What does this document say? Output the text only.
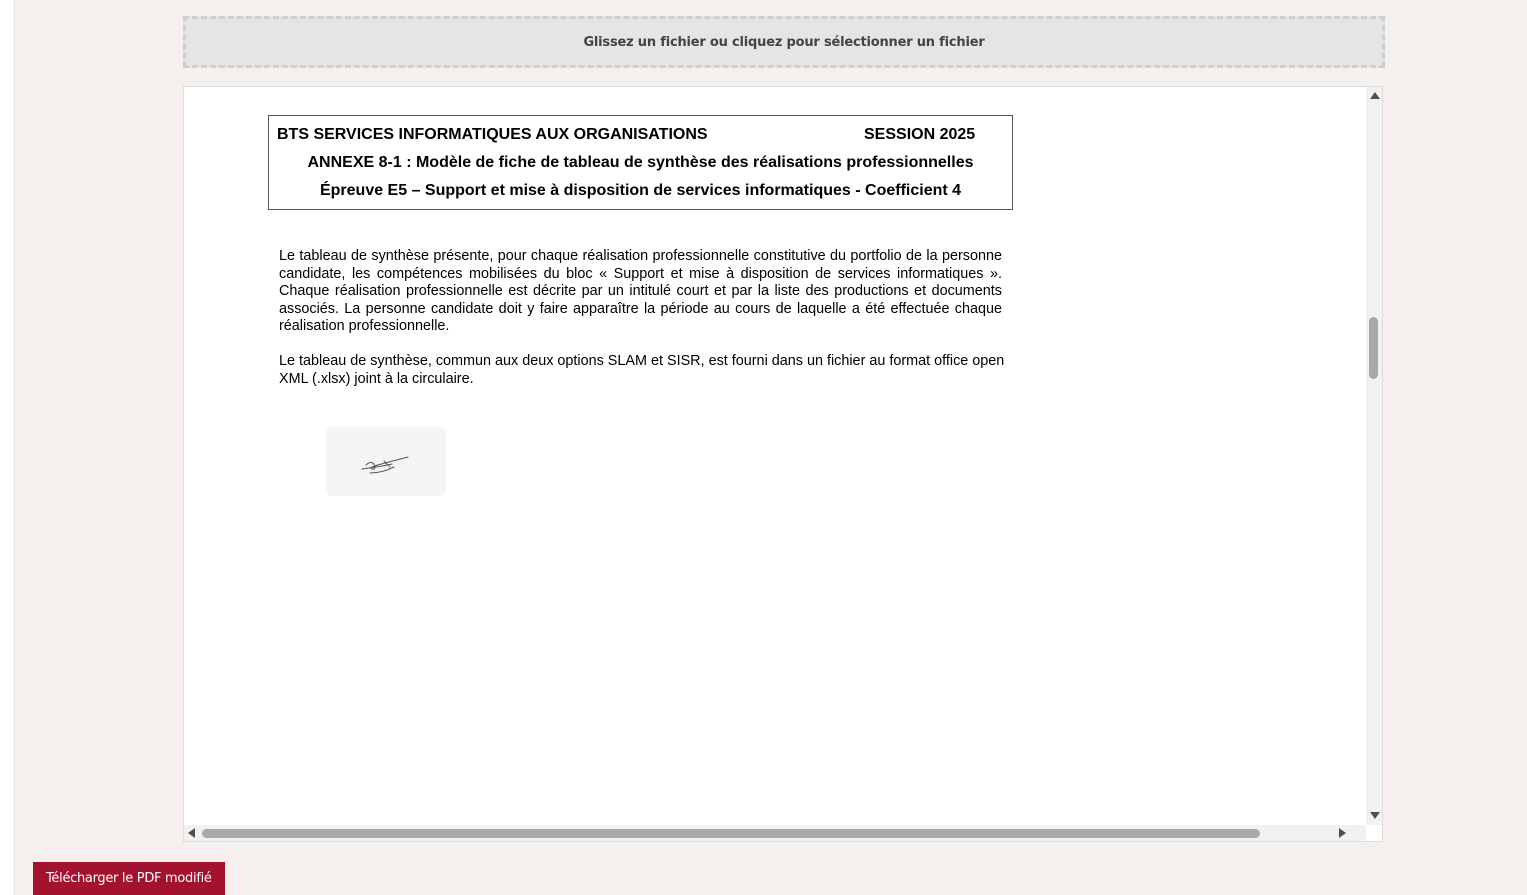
Glissez un fichier ou cliquez pour sélectionner un fichier
BTS SERVICES INFORMATIQUES AUX ORGANISATIONS	SESSION 2025
ANNEXE 8-1 : Modèle de fiche de tableau de synthèse des réalisations professionnelles
Épreuve E5 – Support et mise à disposition de services informatiques - Coefficient 4
Le tableau de synthèse présente, pour chaque réalisation professionnelle constitutive du portfolio de la personne candidate, les compétences mobilisées du bloc « Support et mise à disposition de services informatiques ». Chaque réalisation professionnelle est décrite par un intitulé court et par la liste des productions et documents associés. La personne candidate doit y faire apparaître la période au cours de laquelle a été effectuée chaque réalisation professionnelle.
Le tableau de synthèse, commun aux deux options SLAM et SISR, est fourni dans un fichier au format office open XML (.xlsx) joint à la circulaire.
Télécharger le PDF modifié
